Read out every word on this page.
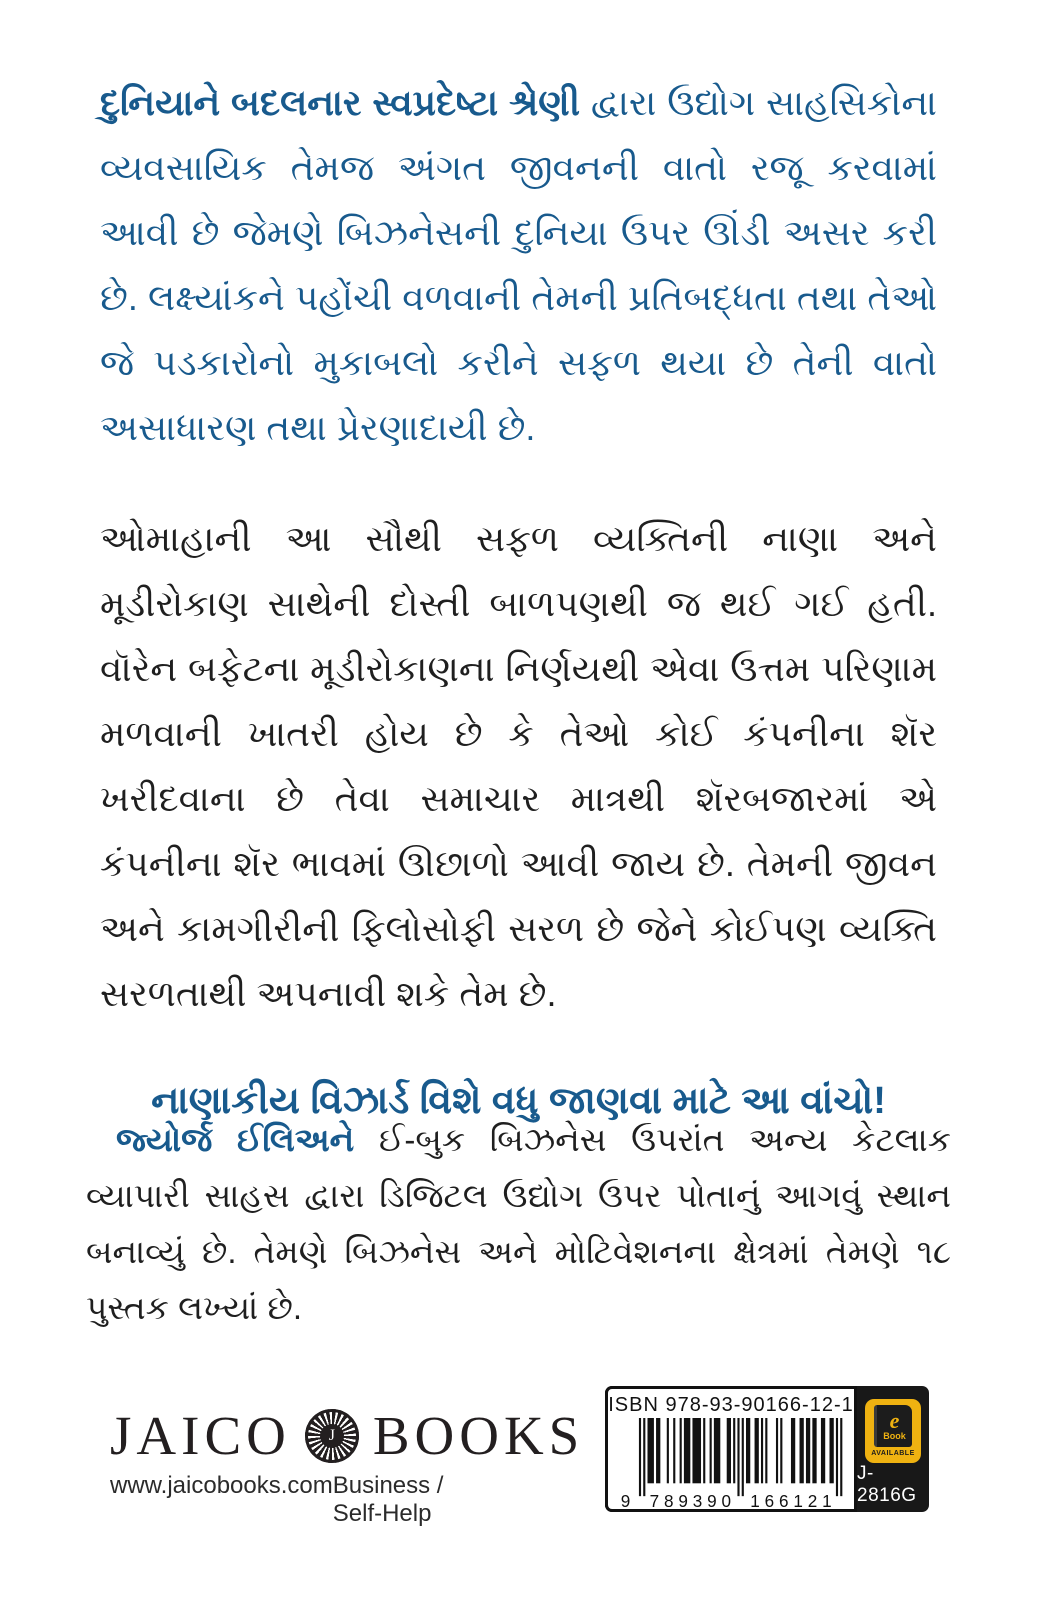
દુનિયાને બદલનાર સ્વપ્રદેષ્ટા શ્રેણી દ્વારા ઉદ્યોગ સાહસિકોના વ્યવસાયિક તેમજ અંગત જીવનની વાતો રજૂ કરવામાં આવી છે જેમણે બિઝનેસની દુનિયા ઉપર ઊંડી અસર કરી છે. લક્ષ્યાંકને પહોંચી વળવાની તેમની પ્રતિબદ્ધતા તથા તેઓ જે પડકારોનો મુકાબલો કરીને સફળ થયા છે તેની વાતો અસાધારણ તથા પ્રેરણાદાયી છે.

ઓમાહાની આ સૌથી સફળ વ્યક્તિની નાણા અને મૂડીરોકાણ સાથેની દોસ્તી બાળપણથી જ થઈ ગઈ હતી. વૉરેન બફેટના મૂડીરોકાણના નિર્ણયથી એવા ઉત્તમ પરિણામ મળવાની ખાતરી હોય છે કે તેઓ કોઈ કંપનીના શૅર ખરીદવાના છે તેવા સમાચાર માત્રથી શૅરબજારમાં એ કંપનીના શૅર ભાવમાં ઊછાળો આવી જાય છે. તેમની જીવન અને કામગીરીની ફિલોસોફી સરળ છે જેને કોઈપણ વ્યક્તિ સરળતાથી અપનાવી શકે તેમ છે.

નાણાકીય વિઝાર્ડ વિશે વધુ જાણવા માટે આ વાંચો!

જ્યોર્જ ઈલિઅને ઈ-બુક બિઝનેસ ઉપરાંત અન્ય કેટલાક વ્યાપારી સાહસ દ્વારા ડિજિટલ ઉદ્યોગ ઉપર પોતાનું આગવું સ્થાન બનાવ્યું છે. તેમણે બિઝનેસ અને મોટિવેશનના ક્ષેત્રમાં તેમણે ૧૮ પુસ્તક લખ્યાં છે.

JAICO	J BOOKS
www.jaicobooks.com Business / Self-Help
ISBN 978-93-90166-12-1
9 789390 166121
e
Book
AVAILABLE
J-2816G
